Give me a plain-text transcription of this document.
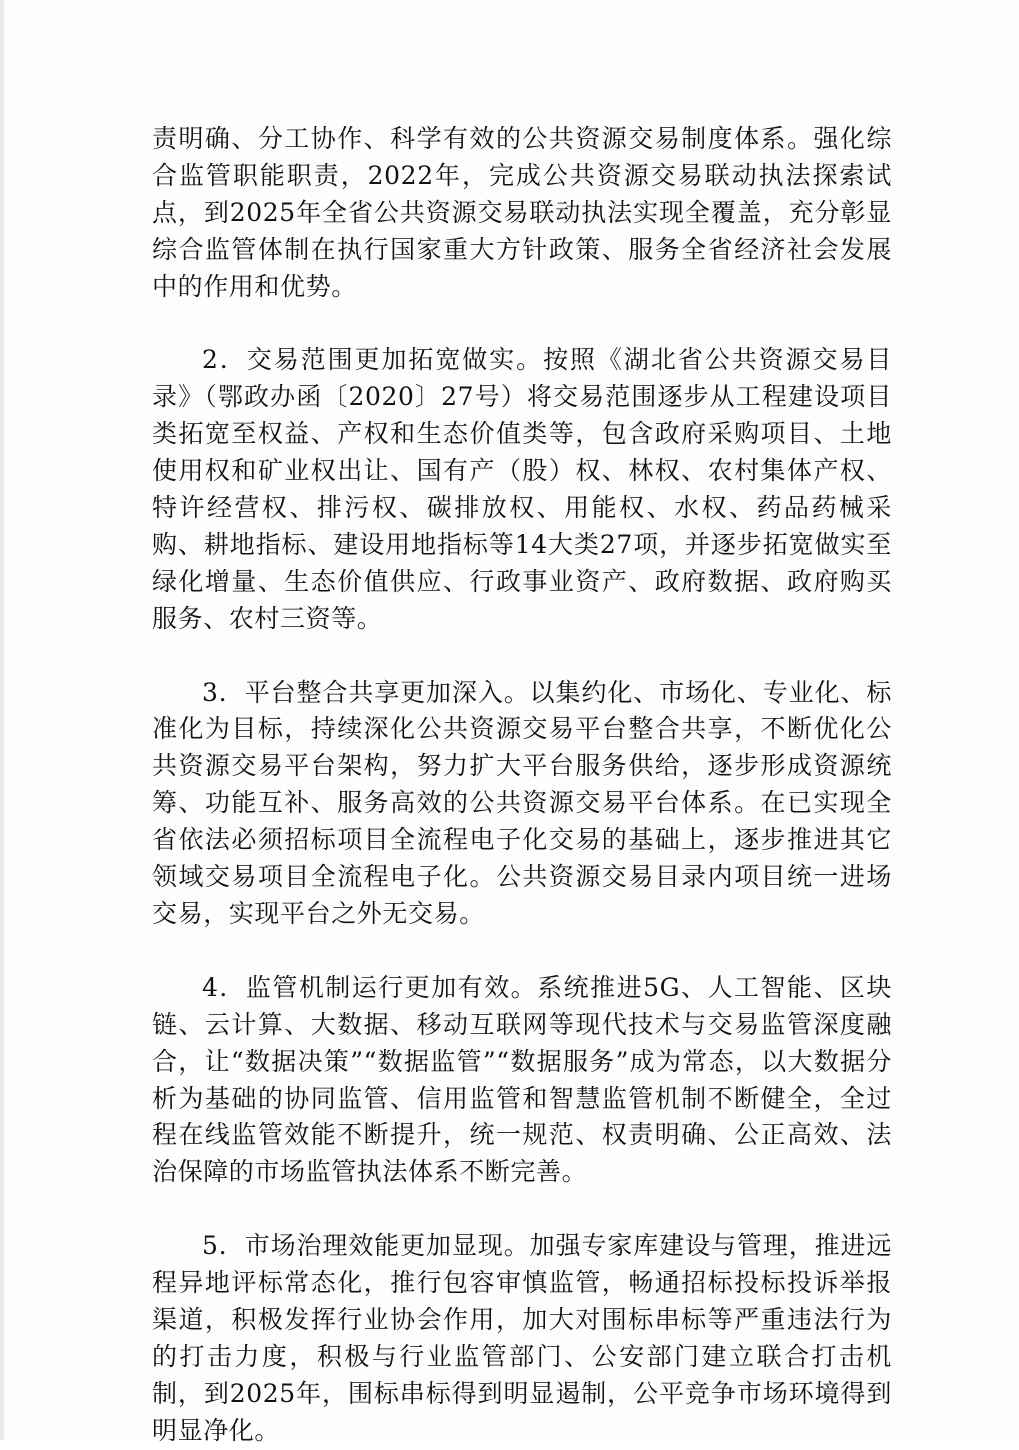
责明确、分工协作、科学有效的公共资源交易制度体系。强化综合监管职能职责，2022年，完成公共资源交易联动执法探索试点，到2025年全省公共资源交易联动执法实现全覆盖，充分彰显综合监管体制在执行国家重大方针政策、服务全省经济社会发展中的作用和优势。

2．交易范围更加拓宽做实。按照《湖北省公共资源交易目录》（鄂政办函〔2020〕27号）将交易范围逐步从工程建设项目类拓宽至权益、产权和生态价值类等，包含政府采购项目、土地使用权和矿业权出让、国有产（股）权、林权、农村集体产权、特许经营权、排污权、碳排放权、用能权、水权、药品药械采购、耕地指标、建设用地指标等14大类27项，并逐步拓宽做实至绿化增量、生态价值供应、行政事业资产、政府数据、政府购买服务、农村三资等。

3．平台整合共享更加深入。以集约化、市场化、专业化、标准化为目标，持续深化公共资源交易平台整合共享，不断优化公共资源交易平台架构，努力扩大平台服务供给，逐步形成资源统筹、功能互补、服务高效的公共资源交易平台体系。在已实现全省依法必须招标项目全流程电子化交易的基础上，逐步推进其它领域交易项目全流程电子化。公共资源交易目录内项目统一进场交易，实现平台之外无交易。

4．监管机制运行更加有效。系统推进5G、人工智能、区块链、云计算、大数据、移动互联网等现代技术与交易监管深度融合，让“数据决策”“数据监管”“数据服务”成为常态，以大数据分析为基础的协同监管、信用监管和智慧监管机制不断健全，全过程在线监管效能不断提升，统一规范、权责明确、公正高效、法治保障的市场监管执法体系不断完善。

5．市场治理效能更加显现。加强专家库建设与管理，推进远程异地评标常态化，推行包容审慎监管，畅通招标投标投诉举报渠道，积极发挥行业协会作用，加大对围标串标等严重违法行为的打击力度，积极与行业监管部门、公安部门建立联合打击机制，到2025年，围标串标得到明显遏制，公平竞争市场环境得到明显净化。
